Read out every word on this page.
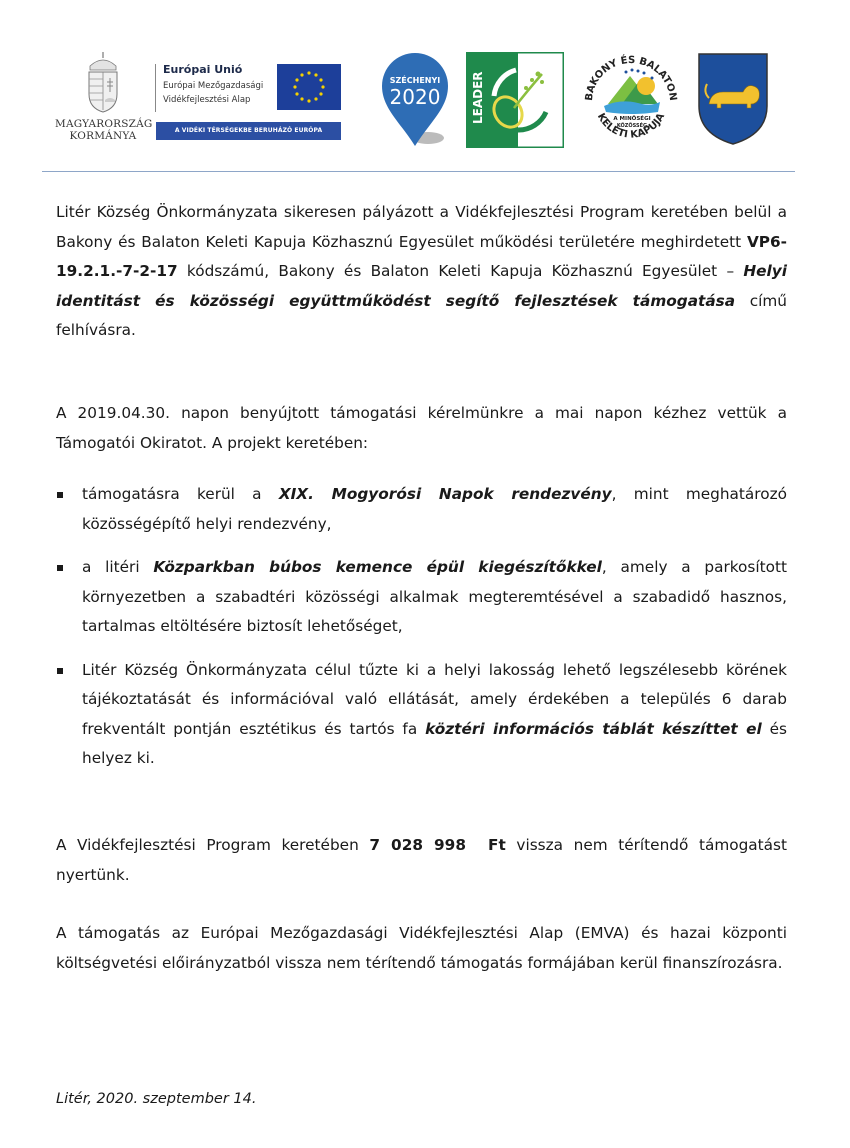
MAGYARORSZÁG
KORMÁNYA
Európai Unió
Európai Mezőgazdasági
Vidékfejlesztési Alap
A VIDÉKI TÉRSÉGEKBE BERUHÁZÓ EURÓPA
SZÉCHENYI
2020	LEADER	BAKONY ÉS BALATON
A MINŐSÉGI
KÖZÖSSÉG
KELETI KAPUJA
Litér Község Önkormányzata sikeresen pályázott a Vidékfejlesztési Program keretében belül a Bakony és Balaton Keleti Kapuja Közhasznú Egyesület működési területére meghirdetett VP6-19.2.1.-7-2-17 kódszámú, Bakony és Balaton Keleti Kapuja Közhasznú Egyesület – Helyi identitást és közösségi együttműködést segítő fejlesztések támogatása című felhívásra.
A 2019.04.30. napon benyújtott támogatási kérelmünkre a mai napon kézhez vettük a Támogatói Okiratot. A projekt keretében:
támogatásra kerül a XIX. Mogyorósi Napok rendezvény, mint meghatározó közösségépítő helyi rendezvény,
a litéri Közparkban búbos kemence épül kiegészítőkkel, amely a parkosított környezetben a szabadtéri közösségi alkalmak megteremtésével a szabadidő hasznos, tartalmas eltöltésére biztosít lehetőséget,
Litér Község Önkormányzata célul tűzte ki a helyi lakosság lehető legszélesebb körének tájékoztatását és információval való ellátását, amely érdekében a település 6 darab frekventált pontján esztétikus és tartós fa köztéri információs táblát készíttet el és helyez ki.
A Vidékfejlesztési Program keretében 7 028 998  Ft vissza nem térítendő támogatást nyertünk.
A támogatás az Európai Mezőgazdasági Vidékfejlesztési Alap (EMVA) és hazai központi költségvetési előirányzatból vissza nem térítendő támogatás formájában kerül finanszírozásra.
Litér, 2020. szeptember 14.
